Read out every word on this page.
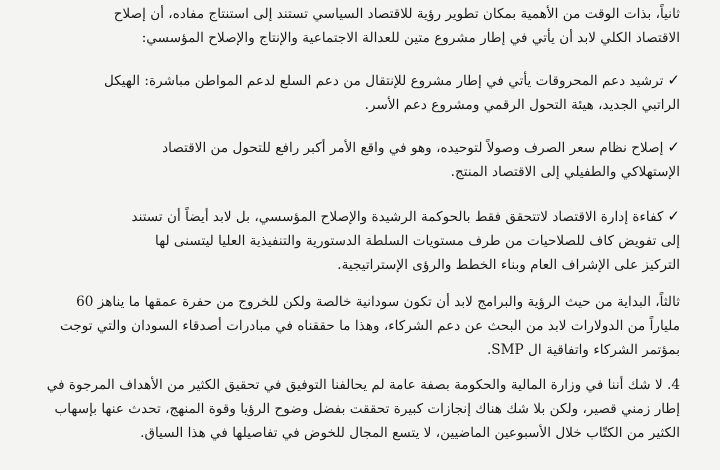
ثانياً، بذات الوقت من الأهمية بمكان تطوير رؤية للاقتصاد السياسي تستند إلى استنتاج مفاده، أن إصلاح
الاقتصاد الكلي لابد أن يأتي في إطار مشروع متين للعدالة الاجتماعية والإنتاج والإصلاح المؤسسي:
✓ترشيد دعم المحروقات يأتي في إطار مشروع للإنتقال من دعم السلع لدعم المواطن مباشرة: الهيكل
الراتبي الجديد، هيئة التحول الرقمي ومشروع دعم الأسر.
✓إصلاح نظام سعر الصرف وصولاً لتوحيده، وهو في واقع الأمر أكبر رافع للتحول من الاقتصاد
الإستهلاكي والطفيلي إلى الاقتصاد المنتج.
✓كفاءة إدارة الاقتصاد لاتتحقق فقط بالحوكمة الرشيدة والإصلاح المؤسسي، بل لابد أيضاً أن تستند
إلى تفويض كاف للصلاحيات من طرف مستويات السلطة الدستورية والتنفيذية العليا ليتسنى لها
التركيز على الإشراف العام وبناء الخطط والرؤى الإستراتيجية.
ثالثاً، البداية من حيث الرؤية والبرامج لابد أن تكون سودانية خالصة ولكن للخروج من حفرة عمقها ما يناهز 60
ملياراً من الدولارات لابد من البحث عن دعم الشركاء، وهذا ما حققناه في مبادرات أصدقاء السودان والتي توجت
بمؤتمر الشركاء واتفاقية ال SMP.
4. لا شك أننا في وزارة المالية والحكومة بصفة عامة لم يحالفنا التوفيق في تحقيق الكثير من الأهداف المرجوة في
إطار زمني قصير، ولكن بلا شك هناك إنجازات كبيرة تحققت بفضل وضوح الرؤيا وقوة المنهج، تحدث عنها بإسهاب
الكثير من الكتّاب خلال الأسبوعين الماضيين، لا يتسع المجال للخوض في تفاصيلها في هذا السياق.
